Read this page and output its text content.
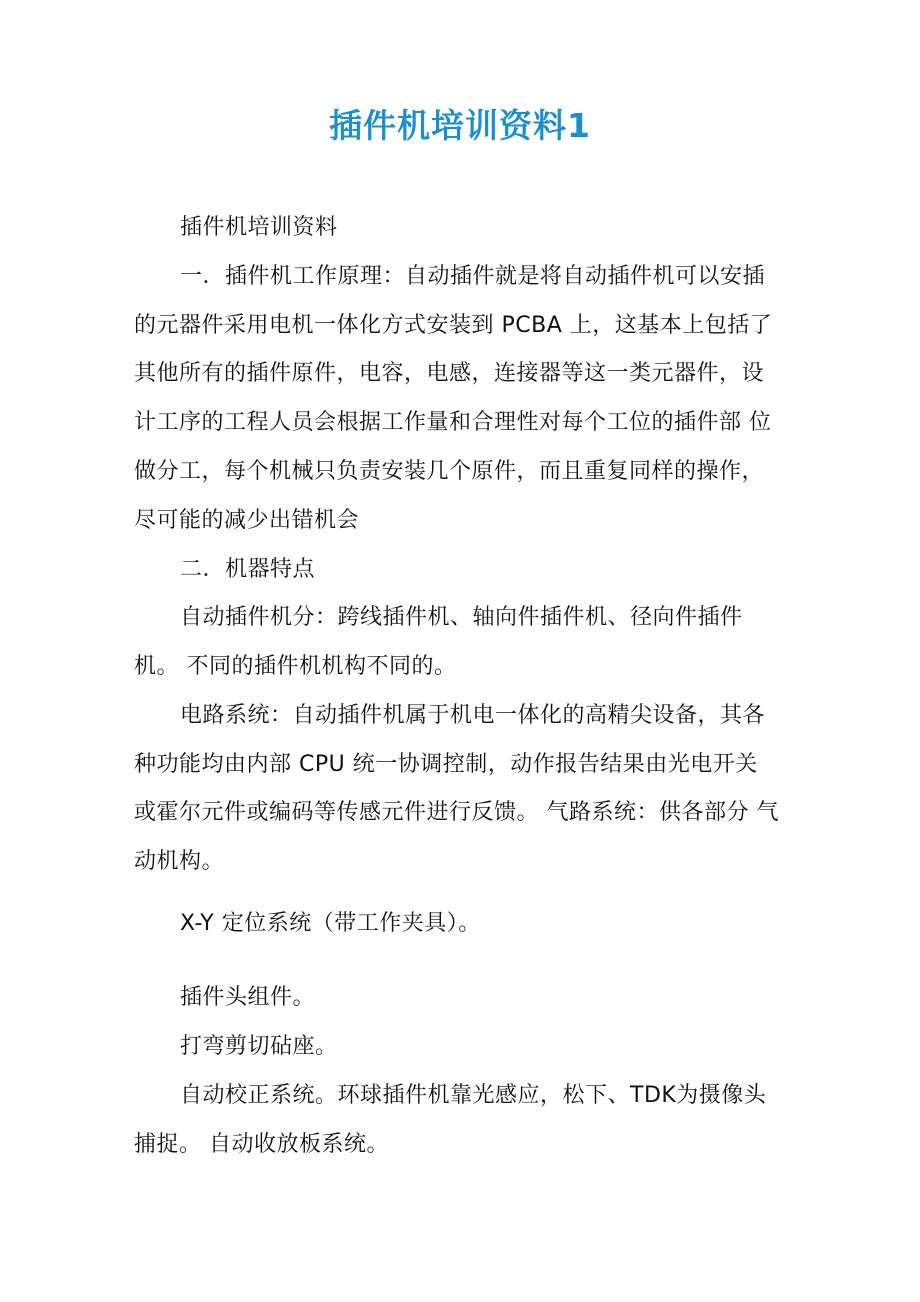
插件机培训资料1
插件机培训资料
一．插件机工作原理：自动插件就是将自动插件机可以安插
的元器件采用电机一体化方式安装到 PCBA 上，这基本上包括了
其他所有的插件原件，电容，电感，连接器等这一类元器件，设
计工序的工程人员会根据工作量和合理性对每个工位的插件部 位
做分工，每个机械只负责安装几个原件，而且重复同样的操作，
尽可能的减少出错机会
二．机器特点
自动插件机分：跨线插件机、轴向件插件机、径向件插件
机。 不同的插件机机构不同的。
电路系统：自动插件机属于机电一体化的高精尖设备，其各
种功能均由内部 CPU 统一协调控制，动作报告结果由光电开关
或霍尔元件或编码等传感元件进行反馈。 气路系统：供各部分 气
动机构。
X-Y 定位系统（带工作夹具）。
插件头组件。
打弯剪切砧座。
自动校正系统。环球插件机靠光感应，松下、TDK为摄像头
捕捉。 自动收放板系统。
